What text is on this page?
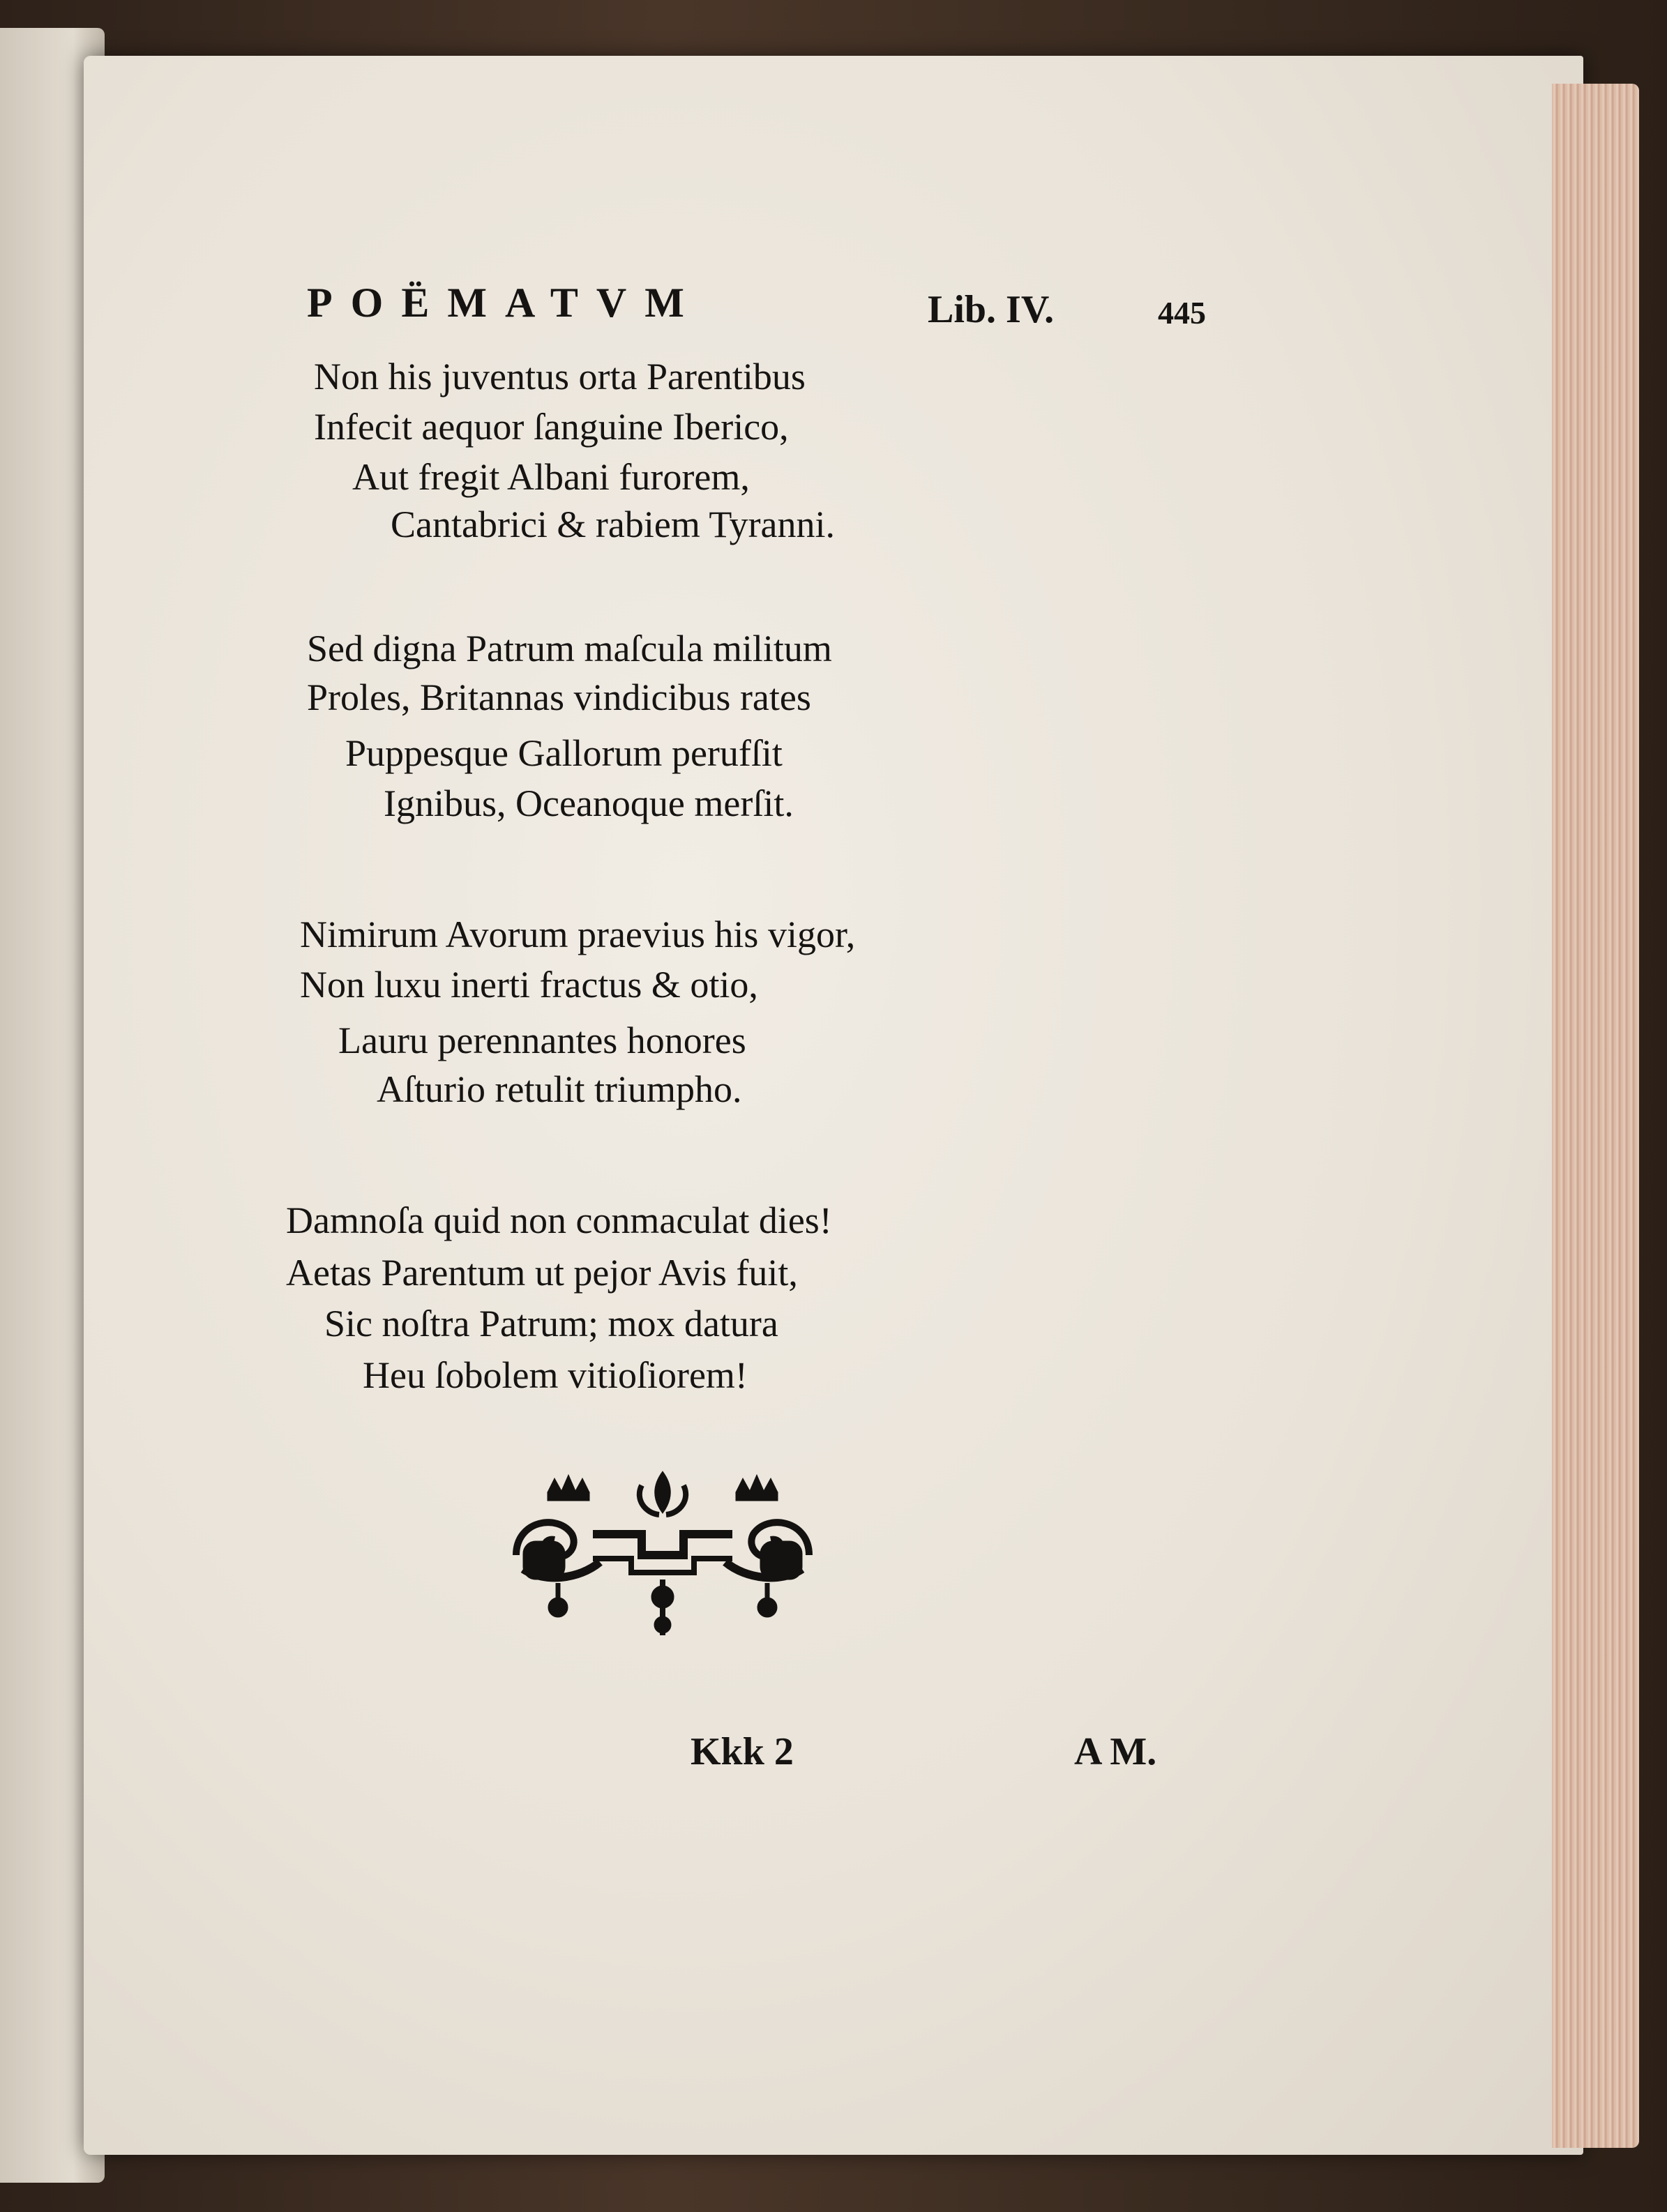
POËMATVM	Lib. IV.	445
Non his juventus orta Parentibus
Infecit aequor ſanguine Iberico,
Aut fregit Albani furorem,
Cantabrici & rabiem Tyranni.
Sed digna Patrum maſcula militum
Proles, Britannas vindicibus rates
Puppesque Gallorum perufſit
Ignibus, Oceanoque merſit.
Nimirum Avorum praevius his vigor,
Non luxu inerti fractus & otio,
Lauru perennantes honores
Aſturio retulit triumpho.
Damnoſa quid non conmaculat dies!
Aetas Parentum ut pejor Avis fuit,
Sic noſtra Patrum; mox datura
Heu ſobolem vitioſiorem!
Kkk 2	A M.
